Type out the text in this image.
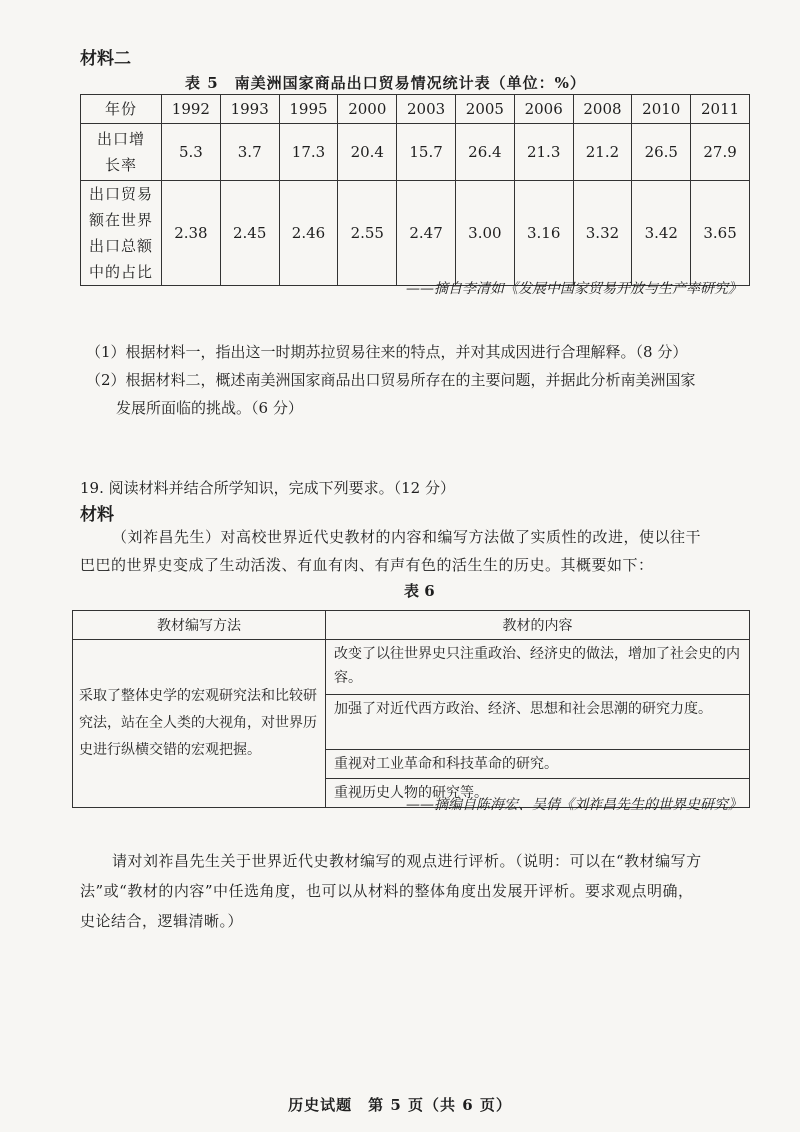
材料二
表 5　南美洲国家商品出口贸易情况统计表（单位：%）
年份	1992	1993	1995	2000	2003	2005	2006	2008	2010	2011

出口增
长率	5.3	3.7	17.3	20.4	15.7	26.4	21.3	21.2	26.5	27.9

出口贸易
额在世界
出口总额
中的占比	2.38	2.45	2.46	2.55	2.47	3.00	3.16	3.32	3.42	3.65
——摘自李清如《发展中国家贸易开放与生产率研究》
（1）根据材料一，指出这一时期苏拉贸易往来的特点，并对其成因进行合理解释。（8 分）
（2）根据材料二，概述南美洲国家商品出口贸易所存在的主要问题，并据此分析南美洲国家
发展所面临的挑战。（6 分）
19. 阅读材料并结合所学知识，完成下列要求。（12 分）
材料
（刘祚昌先生）对高校世界近代史教材的内容和编写方法做了实质性的改进，使以往干
巴巴的世界史变成了生动活泼、有血有肉、有声有色的活生生的历史。其概要如下：
表 6
教材编写方法	教材的内容
采取了整体史学的宏观研究法和比较研究法，站在全人类的大视角，对世界历史进行纵横交错的宏观把握。	改变了以往世界史只注重政治、经济史的做法，增加了社会史的内容。
	加强了对近代西方政治、经济、思想和社会思潮的研究力度。
	重视对工业革命和科技革命的研究。
	重视历史人物的研究等。
——摘编自陈海宏、吴倩《刘祚昌先生的世界史研究》
请对刘祚昌先生关于世界近代史教材编写的观点进行评析。（说明：可以在“教材编写方
法”或“教材的内容”中任选角度，也可以从材料的整体角度出发展开评析。要求观点明确，
史论结合，逻辑清晰。）
历史试题　第 5 页（共 6 页）
